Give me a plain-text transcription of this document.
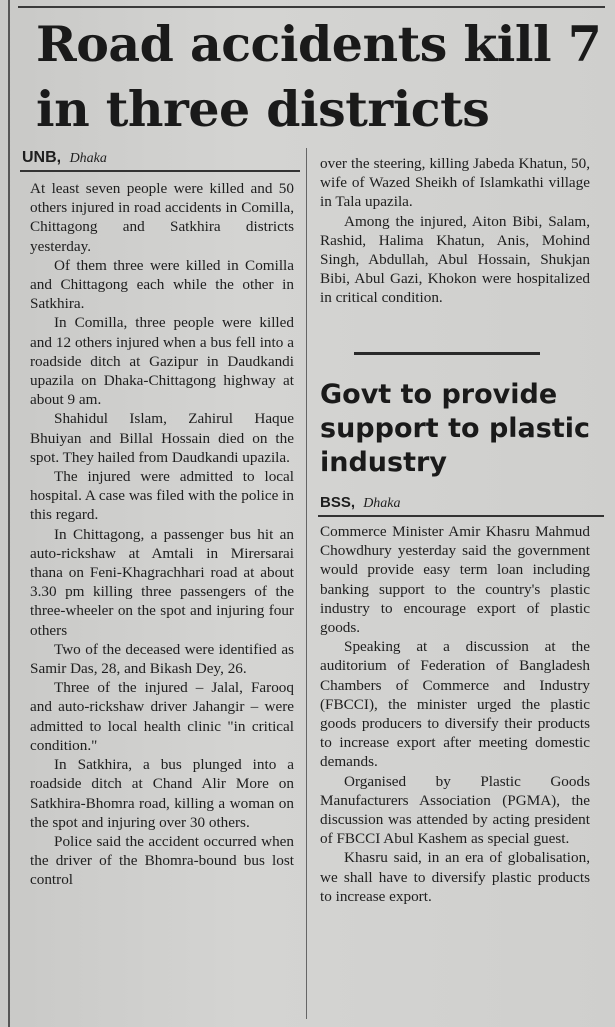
Road accidents kill 7 in three districts
UNB, Dhaka

At least seven people were killed and 50 others injured in road accidents in Comilla, Chittagong and Satkhira districts yesterday.

Of them three were killed in Comilla and Chittagong each while the other in Satkhira.

In Comilla, three people were killed and 12 others injured when a bus fell into a roadside ditch at Gazipur in Daudkandi upazila on Dhaka-Chittagong highway at about 9 am.

Shahidul Islam, Zahirul Haque Bhuiyan and Billal Hossain died on the spot. They hailed from Daudkandi upazila.

The injured were admitted to local hospital. A case was filed with the police in this regard.

In Chittagong, a passenger bus hit an auto-rickshaw at Amtali in Mirersarai thana on Feni-Khagrachhari road at about 3.30 pm killing three passengers of the three-wheeler on the spot and injuring four others

Two of the deceased were identified as Samir Das, 28, and Bikash Dey, 26.

Three of the injured – Jalal, Farooq and auto-rickshaw driver Jahangir – were admitted to local health clinic "in critical condition."

In Satkhira, a bus plunged into a roadside ditch at Chand Alir More on Satkhira-Bhomra road, killing a woman on the spot and injuring over 30 others.

Police said the accident occurred when the driver of the Bhomra-bound bus lost control

over the steering, killing Jabeda Khatun, 50, wife of Wazed Sheikh of Islamkathi village in Tala upazila.

Among the injured, Aiton Bibi, Salam, Rashid, Halima Khatun, Anis, Mohind Singh, Abdullah, Abul Hossain, Shukjan Bibi, Abul Gazi, Khokon were hospitalized in critical condition.

Govt to provide support to plastic industry
BSS, Dhaka

Commerce Minister Amir Khasru Mahmud Chowdhury yesterday said the government would provide easy term loan including banking support to the country's plastic industry to encourage export of plastic goods.

Speaking at a discussion at the auditorium of Federation of Bangladesh Chambers of Commerce and Industry (FBCCI), the minister urged the plastic goods producers to diversify their products to increase export after meeting domestic demands.

Organised by Plastic Goods Manufacturers Association (PGMA), the discussion was attended by acting president of FBCCI Abul Kashem as special guest.

Khasru said, in an era of globalisation, we shall have to diversify plastic products to increase export.
